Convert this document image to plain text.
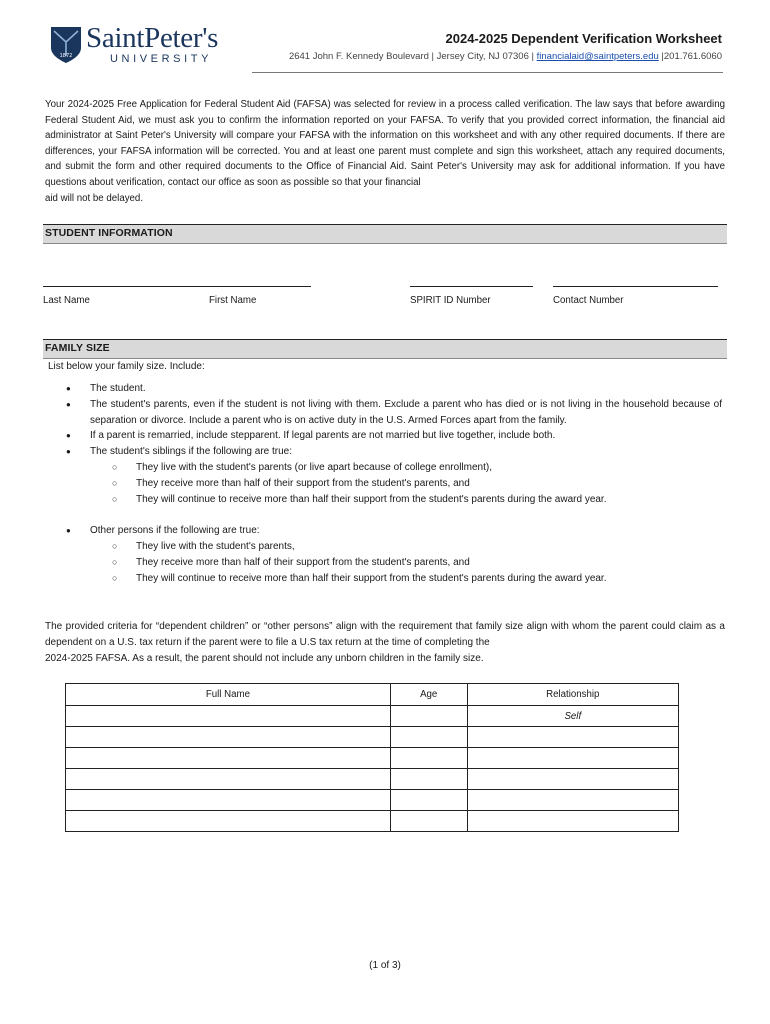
1872
SaintPeter's
UNIVERSITY
2024-2025 Dependent Verification Worksheet
2641 John F. Kennedy Boulevard | Jersey City, NJ 07306 | financialaid@saintpeters.edu |201.761.6060
Your 2024-2025 Free Application for Federal Student Aid (FAFSA) was selected for review in a process called verification. The law says that before awarding Federal Student Aid, we must ask you to confirm the information reported on your FAFSA. To verify that you provided correct information, the financial aid administrator at Saint Peter's University will compare your FAFSA with the information on this worksheet and with any other required documents. If there are differences, your FAFSA information will be corrected. You and at least one parent must complete and sign this worksheet, attach any required documents, and submit the form and other required documents to the Office of Financial Aid. Saint Peter's University may ask for additional information. If you have questions about verification, contact our office as soon as possible so that your financial
aid will not be delayed.
STUDENT INFORMATION
Last Name	First Name	SPIRIT ID Number	Contact Number
FAMILY SIZE
List below your family size. Include:
● The student.
● The student's parents, even if the student is not living with them. Exclude a parent who has died or is not living in the household because of separation or divorce. Include a parent who is on active duty in the U.S. Armed Forces apart from the family.
● If a parent is remarried, include stepparent. If legal parents are not married but live together, include both.
● The student's siblings if the following are true:
○ They live with the student's parents (or live apart because of college enrollment),
○ They receive more than half of their support from the student's parents, and
○ They will continue to receive more than half their support from the student's parents during the award year.
● Other persons if the following are true:
○ They live with the student's parents,
○ They receive more than half of their support from the student's parents, and
○ They will continue to receive more than half their support from the student's parents during the award year.
The provided criteria for “dependent children” or “other persons” align with the requirement that family size align with whom the parent could claim as a dependent on a U.S. tax return if the parent were to file a U.S tax return at the time of completing the
2024-2025 FAFSA. As a result, the parent should not include any unborn children in the family size.
Full Name	Age	Relationship
		Self

(1 of 3)
